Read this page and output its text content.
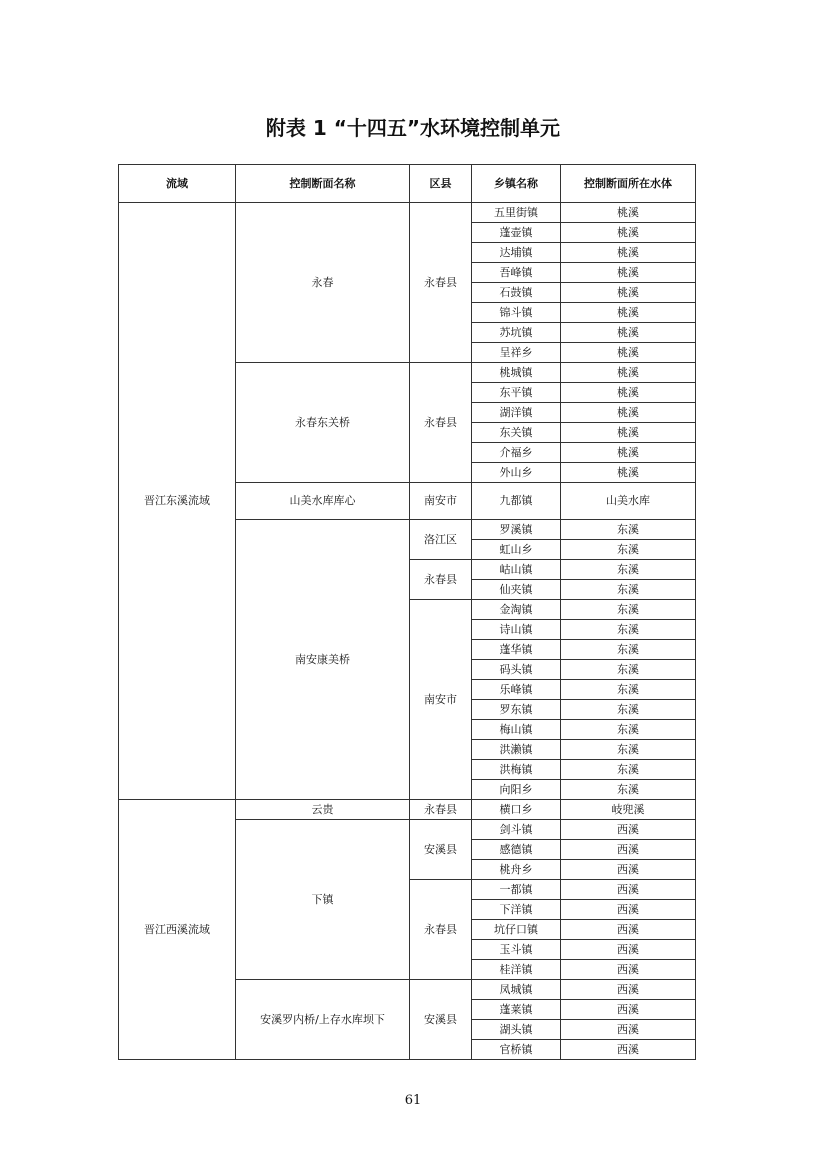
附表 1 “十四五”水环境控制单元
流域	控制断面名称	区县	乡镇名称	控制断面所在水体
晋江东溪流域	永春	永春县	五里街镇	桃溪
			蓬壶镇	桃溪
			达埔镇	桃溪
			吾峰镇	桃溪
			石鼓镇	桃溪
			锦斗镇	桃溪
			苏坑镇	桃溪
			呈祥乡	桃溪
	永春东关桥	永春县	桃城镇	桃溪
			东平镇	桃溪
			湖洋镇	桃溪
			东关镇	桃溪
			介福乡	桃溪
			外山乡	桃溪
	山美水库库心	南安市	九都镇	山美水库
	南安康美桥	洛江区	罗溪镇	东溪
			虹山乡	东溪
		永春县	岵山镇	东溪
			仙夹镇	东溪
		南安市	金淘镇	东溪
			诗山镇	东溪
			蓬华镇	东溪
			码头镇	东溪
			乐峰镇	东溪
			罗东镇	东溪
			梅山镇	东溪
			洪濑镇	东溪
			洪梅镇	东溪
			向阳乡	东溪
晋江西溪流域	云贵	永春县	横口乡	岐兜溪
	下镇	安溪县	剑斗镇	西溪
			感德镇	西溪
			桃舟乡	西溪
		永春县	一都镇	西溪
			下洋镇	西溪
			坑仔口镇	西溪
			玉斗镇	西溪
			桂洋镇	西溪
	安溪罗内桥/上存水库坝下	安溪县	凤城镇	西溪
			蓬莱镇	西溪
			湖头镇	西溪
			官桥镇	西溪
61
